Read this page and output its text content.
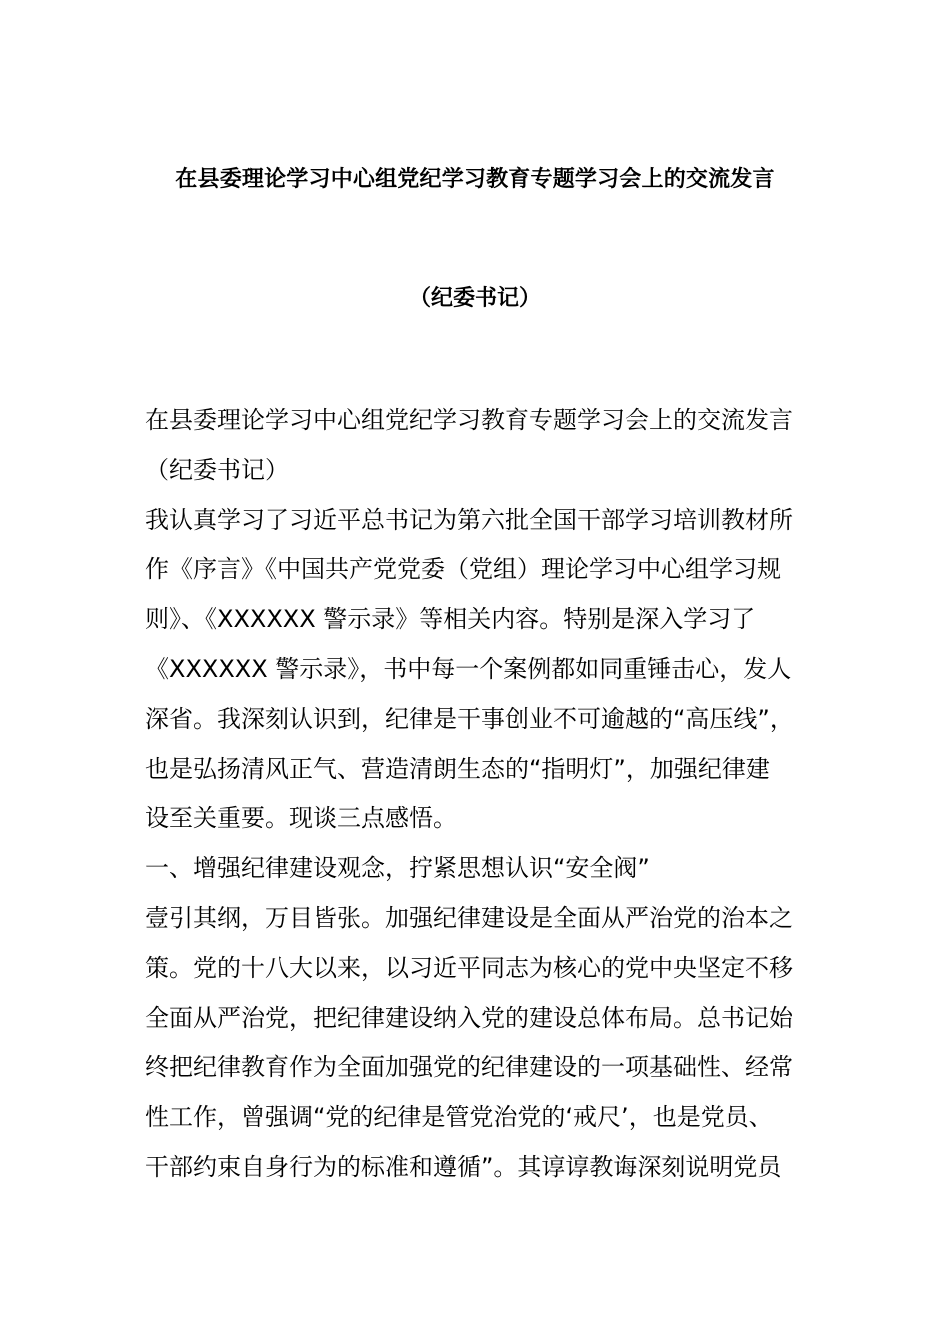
在县委理论学习中心组党纪学习教育专题学习会上的交流发言
（纪委书记）
在县委理论学习中心组党纪学习教育专题学习会上的交流发言
（纪委书记）
我认真学习了习近平总书记为第六批全国干部学习培训教材所
作《序言》《中国共产党党委（党组）理论学习中心组学习规
则》、《XXXXXX 警示录》等相关内容。特别是深入学习了
《XXXXXX 警示录》，书中每一个案例都如同重锤击心，发人
深省。我深刻认识到，纪律是干事创业不可逾越的“高压线”，
也是弘扬清风正气、营造清朗生态的“指明灯”，加强纪律建
设至关重要。现谈三点感悟。
一、增强纪律建设观念，拧紧思想认识“安全阀”
壹引其纲，万目皆张。加强纪律建设是全面从严治党的治本之
策。党的十八大以来，以习近平同志为核心的党中央坚定不移
全面从严治党，把纪律建设纳入党的建设总体布局。总书记始
终把纪律教育作为全面加强党的纪律建设的一项基础性、经常
性工作，曾强调“党的纪律是管党治党的‘戒尺’，也是党员、
干部约束自身行为的标准和遵循”。其谆谆教诲深刻说明党员
